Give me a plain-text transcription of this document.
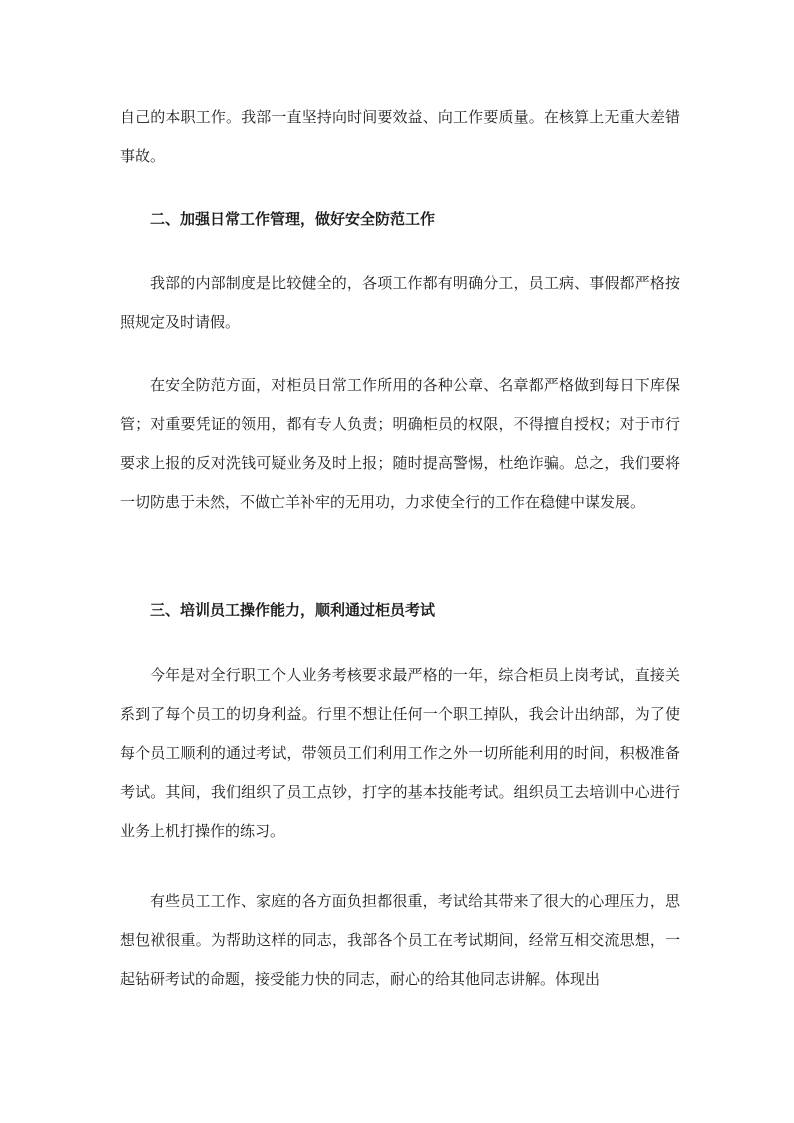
自己的本职工作。我部一直坚持向时间要效益、向工作要质量。在核算上无重大差错事故。

二、加强日常工作管理，做好安全防范工作

我部的内部制度是比较健全的，各项工作都有明确分工，员工病、事假都严格按照规定及时请假。

在安全防范方面，对柜员日常工作所用的各种公章、名章都严格做到每日下库保管；对重要凭证的领用，都有专人负责；明确柜员的权限，不得擅自授权；对于市行要求上报的反对洗钱可疑业务及时上报；随时提高警惕，杜绝诈骗。总之，我们要将一切防患于未然，不做亡羊补牢的无用功，力求使全行的工作在稳健中谋发展。

三、培训员工操作能力，顺利通过柜员考试

今年是对全行职工个人业务考核要求最严格的一年，综合柜员上岗考试，直接关系到了每个员工的切身利益。行里不想让任何一个职工掉队，我会计出纳部，为了使每个员工顺利的通过考试，带领员工们利用工作之外一切所能利用的时间，积极准备考试。其间，我们组织了员工点钞，打字的基本技能考试。组织员工去培训中心进行业务上机打操作的练习。

有些员工工作、家庭的各方面负担都很重，考试给其带来了很大的心理压力，思想包袱很重。为帮助这样的同志，我部各个员工在考试期间，经常互相交流思想，一起钻研考试的命题，接受能力快的同志，耐心的给其他同志讲解。体现出
